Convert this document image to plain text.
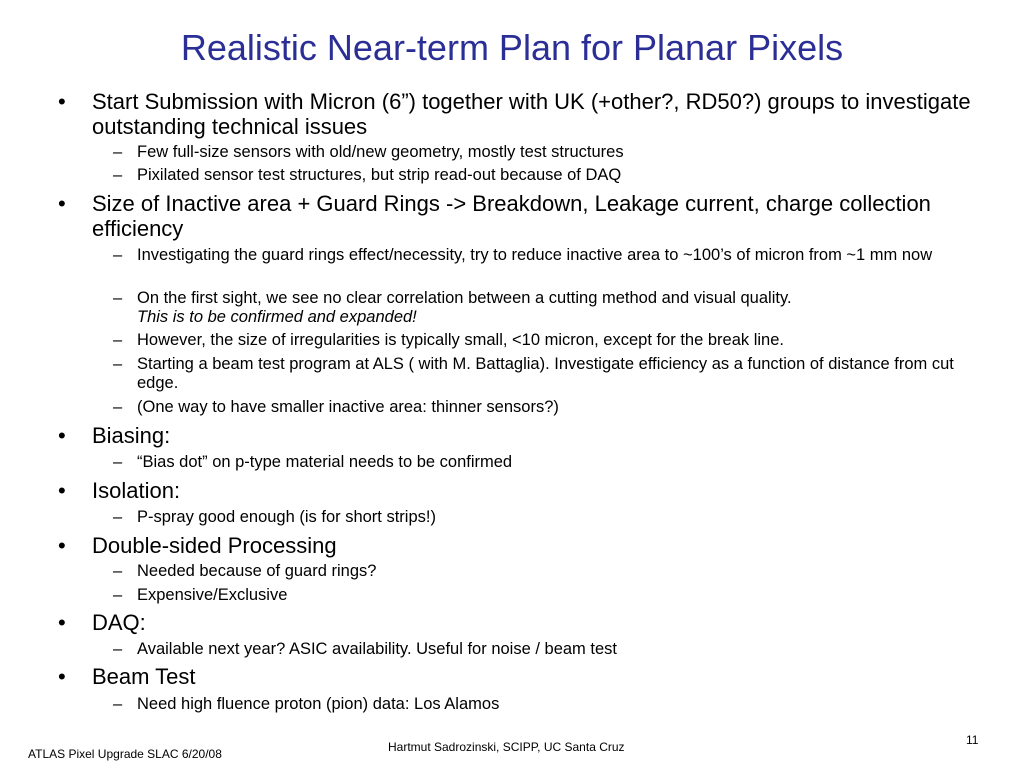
Realistic Near-term Plan for Planar Pixels
• Start Submission with Micron (6”) together with UK (+other?, RD50?) groups to investigate outstanding technical issues
– Few full-size sensors with old/new geometry, mostly test structures
– Pixilated sensor test structures, but strip read-out because of DAQ
• Size of Inactive area + Guard Rings -> Breakdown, Leakage current, charge collection efficiency
– Investigating the guard rings effect/necessity, try to reduce inactive area to ~100’s of micron from ~1 mm now
– On the first sight, we see no clear correlation between a cutting method and visual quality.
This is to be confirmed and expanded!
– However, the size of irregularities is typically small, <10 micron, except for the break line.
– Starting a beam test program at ALS ( with M. Battaglia). Investigate efficiency as a function of distance from cut edge.
– (One way to have smaller inactive area: thinner sensors?)
• Biasing:
– “Bias dot” on p-type material needs to be confirmed
• Isolation:
– P-spray good enough (is for short strips!)
• Double-sided Processing
– Needed because of guard rings?
– Expensive/Exclusive
• DAQ:
– Available next year? ASIC availability. Useful for noise / beam test
• Beam Test
– Need high fluence proton (pion) data: Los Alamos
ATLAS Pixel Upgrade SLAC 6/20/08	Hartmut Sadrozinski, SCIPP, UC Santa Cruz	11
